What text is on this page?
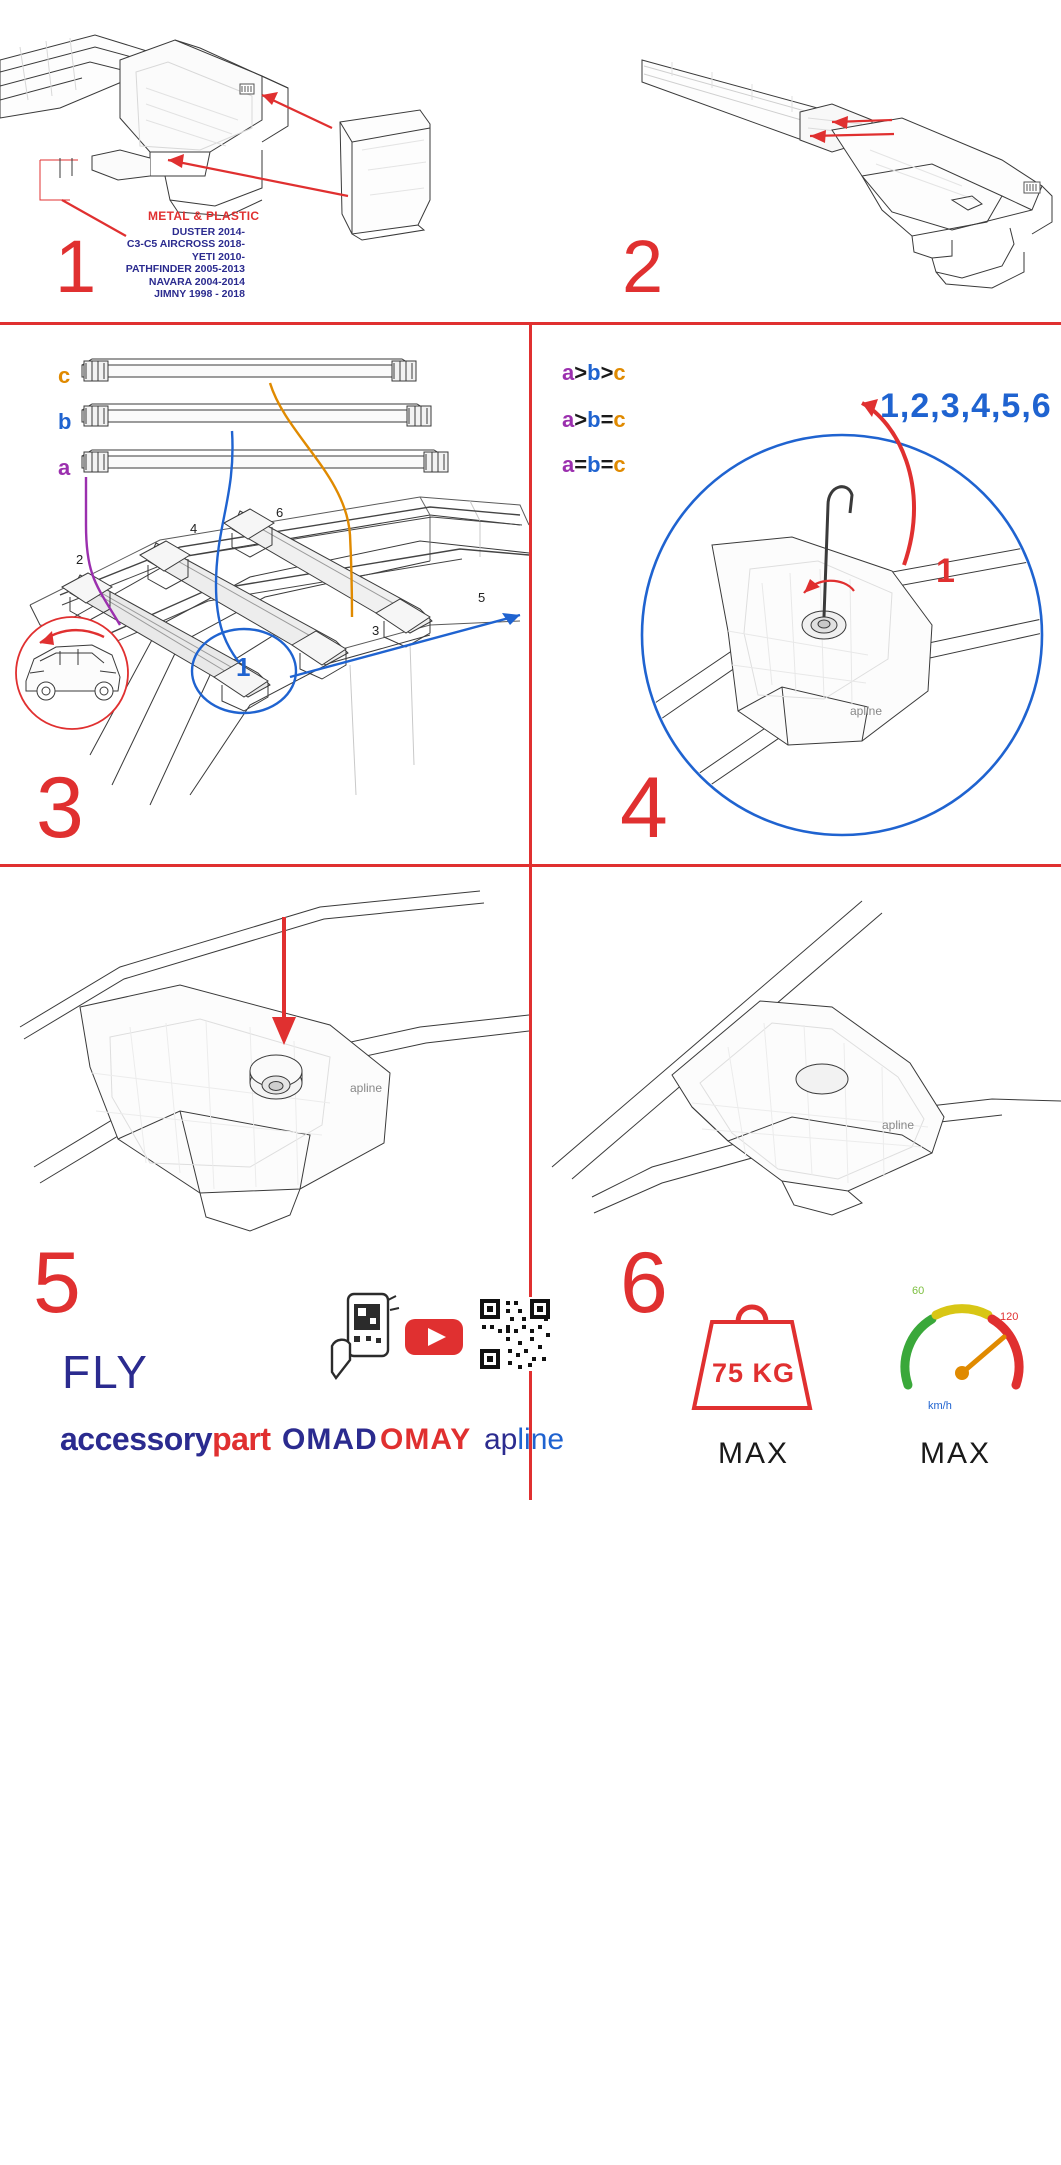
METAL & PLASTIC
DUSTER 2014-
C3-C5 AIRCROSS 2018-
YETI 2010-
PATHFINDER 2005-2013
NAVARA 2004-2014
JIMNY 1998 - 2018
1	2
c
b
a
2
4
6
5
3
1
3
a>b>c
a>b=c
a=b=c
apline
1,2,3,4,5,6
1
4
apline
5
FLY
accessorypart OMAD OMAY apline
apline
6
75 KG
MAX
60
120
km/h
MAX
